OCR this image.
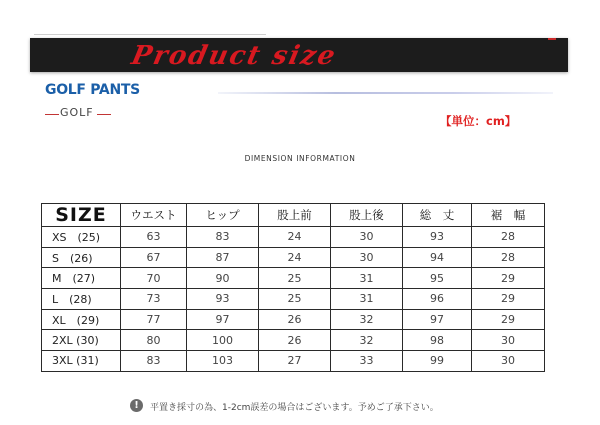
Product size
GOLF PANTS
GOLF
【単位：cm】
DIMENSION INFORMATION
SIZE	ウエスト	ヒップ	股上前	股上後	総　丈	裾　幅
XS　(25)	63	83	24	30	93	28
S　(26)	67	87	24	30	94	28
M　(27)	70	90	25	31	95	29
L　(28)	73	93	25	31	96	29
XL　(29)	77	97	26	32	97	29
2XL (30)	80	100	26	32	98	30
3XL (31)	83	103	27	33	99	30
!	平置き採寸の為、1-2cm誤差の場合はございます。予めご了承下さい。
